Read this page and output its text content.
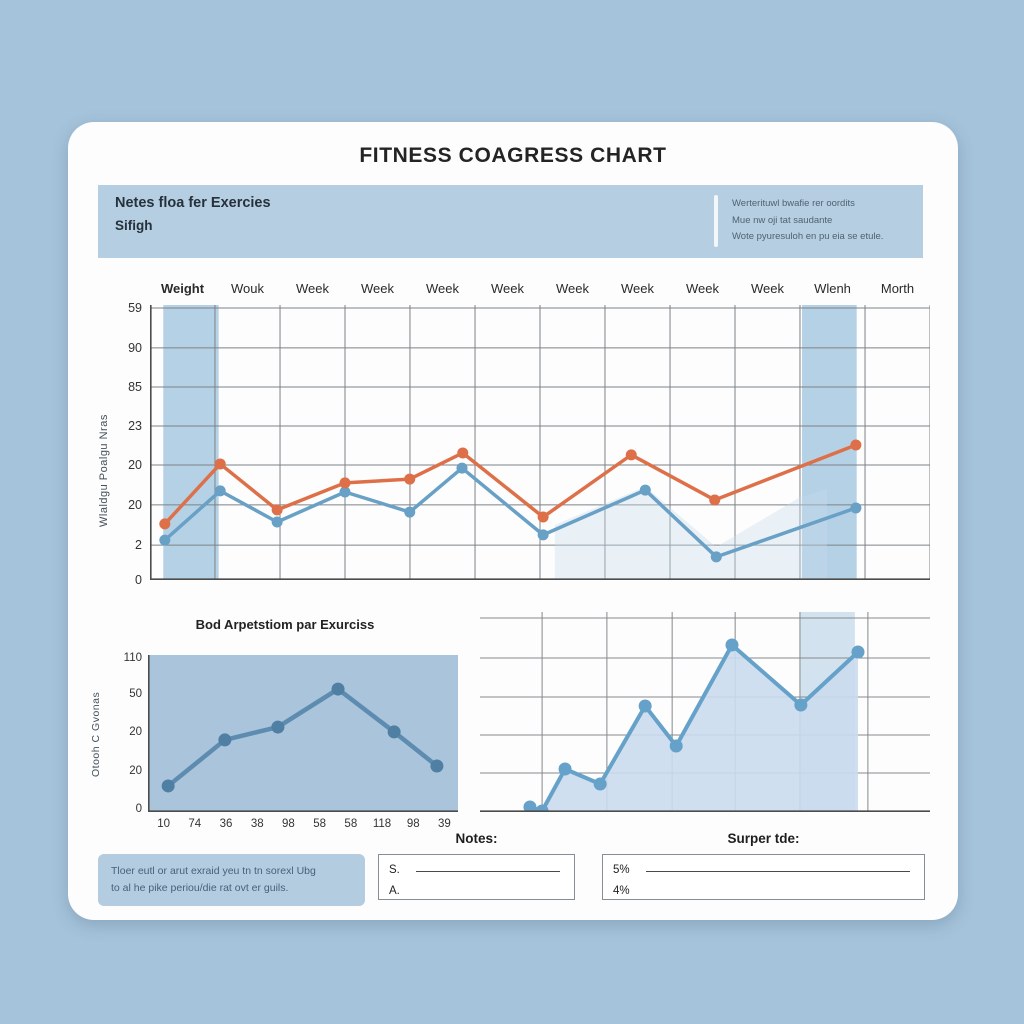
FITNESS COAGRESS CHART
Netes floa fer Exercies
Sifigh
Werterituwl bwafie rer oordits
Mue nw oji tat saudante
Wote pyuresuloh en pu eia se etule.
Weight	Wouk	Week	Week	Week	Week	Week	Week	Week	Week	Wlenh	Morth
59
90
85
23
20
20
2
0
Wlaldgu Poalgu Nras
Bod Arpetstiom par Exurciss
110
50
20
20
0
Otooh C Gvonas
10	74	36	38	98	58	58	118	98	39
Tloer eutl or arut exraid yeu tn tn sorexl Ubg
to al he pike periou/die rat ovt er guils.
Notes:
S.
A.
Surper tde:
5%
4%
